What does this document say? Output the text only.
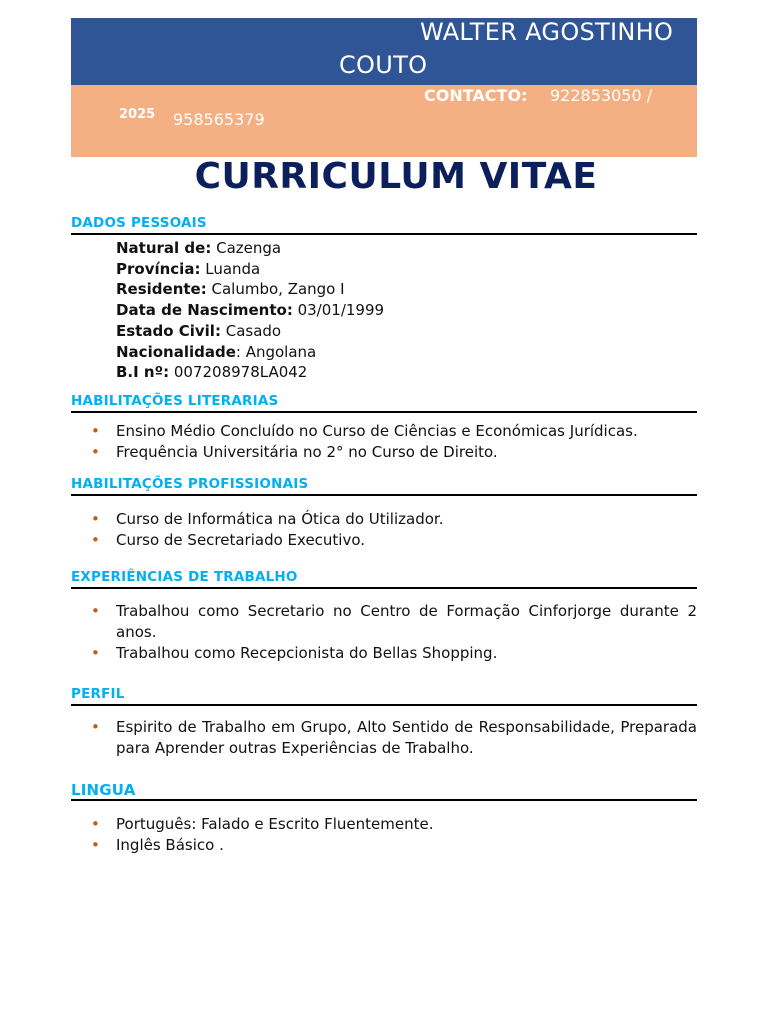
WALTER AGOSTINHO
COUTO
CONTACTO: 922853050 /
2025 958565379
CURRICULUM VITAE
DADOS PESSOAIS
Natural de: Cazenga
Província: Luanda
Residente: Calumbo, Zango I
Data de Nascimento: 03/01/1999
Estado Civil: Casado
Nacionalidade: Angolana
B.I nº: 007208978LA042
HABILITAÇÕES LITERARIAS
• Ensino Médio Concluído no Curso de Ciências e Económicas Jurídicas.
• Frequência Universitária no 2° no Curso de Direito.
HABILITAÇÕES PROFISSIONAIS
• Curso de Informática na Ótica do Utilizador.
• Curso de Secretariado Executivo.
EXPERIÊNCIAS DE TRABALHO
• Trabalhou como Secretario no Centro de Formação Cinforjorge durante 2 anos.
• Trabalhou como Recepcionista do Bellas Shopping.
PERFIL
• Espirito de Trabalho em Grupo, Alto Sentido de Responsabilidade, Preparada para Aprender outras Experiências de Trabalho.
LINGUA
• Português: Falado e Escrito Fluentemente.
• Inglês Básico .
